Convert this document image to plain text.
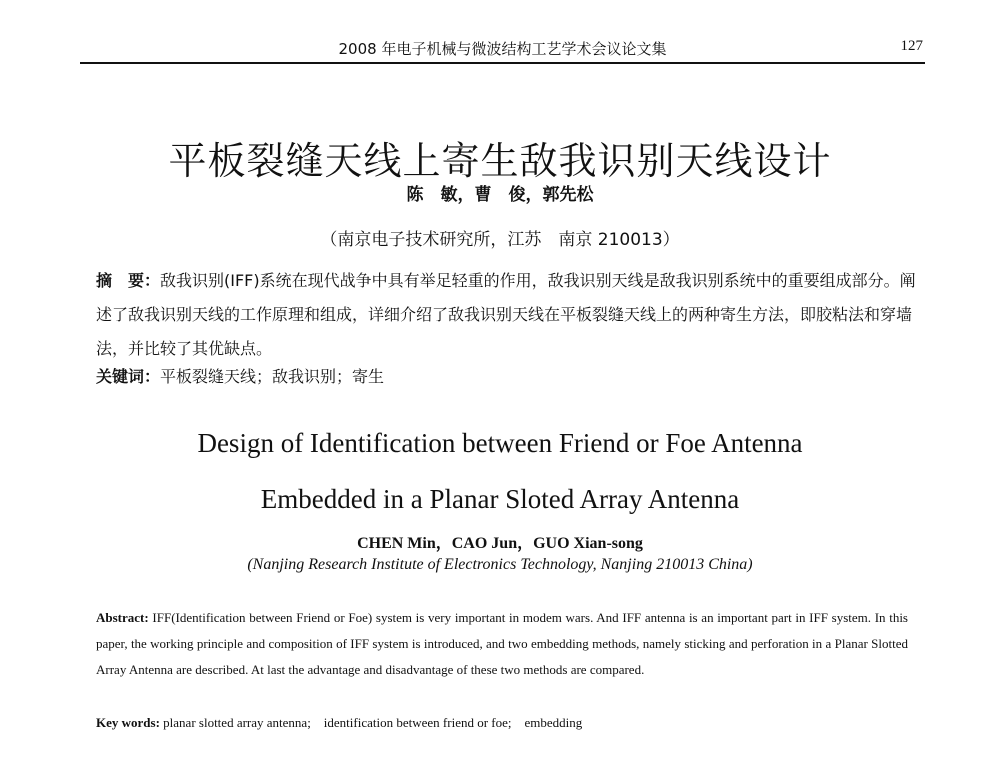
2008 年电子机械与微波结构工艺学术会议论文集	127
平板裂缝天线上寄生敌我识别天线设计
陈　敏，曹　俊，郭先松
（南京电子技术研究所，江苏　南京 210013）
摘　要：敌我识别(IFF)系统在现代战争中具有举足轻重的作用，敌我识别天线是敌我识别系统中的重要组成部分。阐述了敌我识别天线的工作原理和组成，详细介绍了敌我识别天线在平板裂缝天线上的两种寄生方法，即胶粘法和穿墙法，并比较了其优缺点。
关键词：平板裂缝天线；敌我识别；寄生
Design of Identification between Friend or Foe Antenna
Embedded in a Planar Sloted Array Antenna
CHEN Min，CAO Jun，GUO Xian-song
(Nanjing Research Institute of Electronics Technology, Nanjing 210013 China)
Abstract: IFF(Identification between Friend or Foe) system is very important in modem wars. And IFF antenna is an important part in IFF system. In this paper, the working principle and composition of IFF system is introduced, and two embedding methods, namely sticking and perforation in a Planar Slotted Array Antenna are described. At last the advantage and disadvantage of these two methods are compared.
Key words: planar slotted array antenna;　identification between friend or foe;　embedding
